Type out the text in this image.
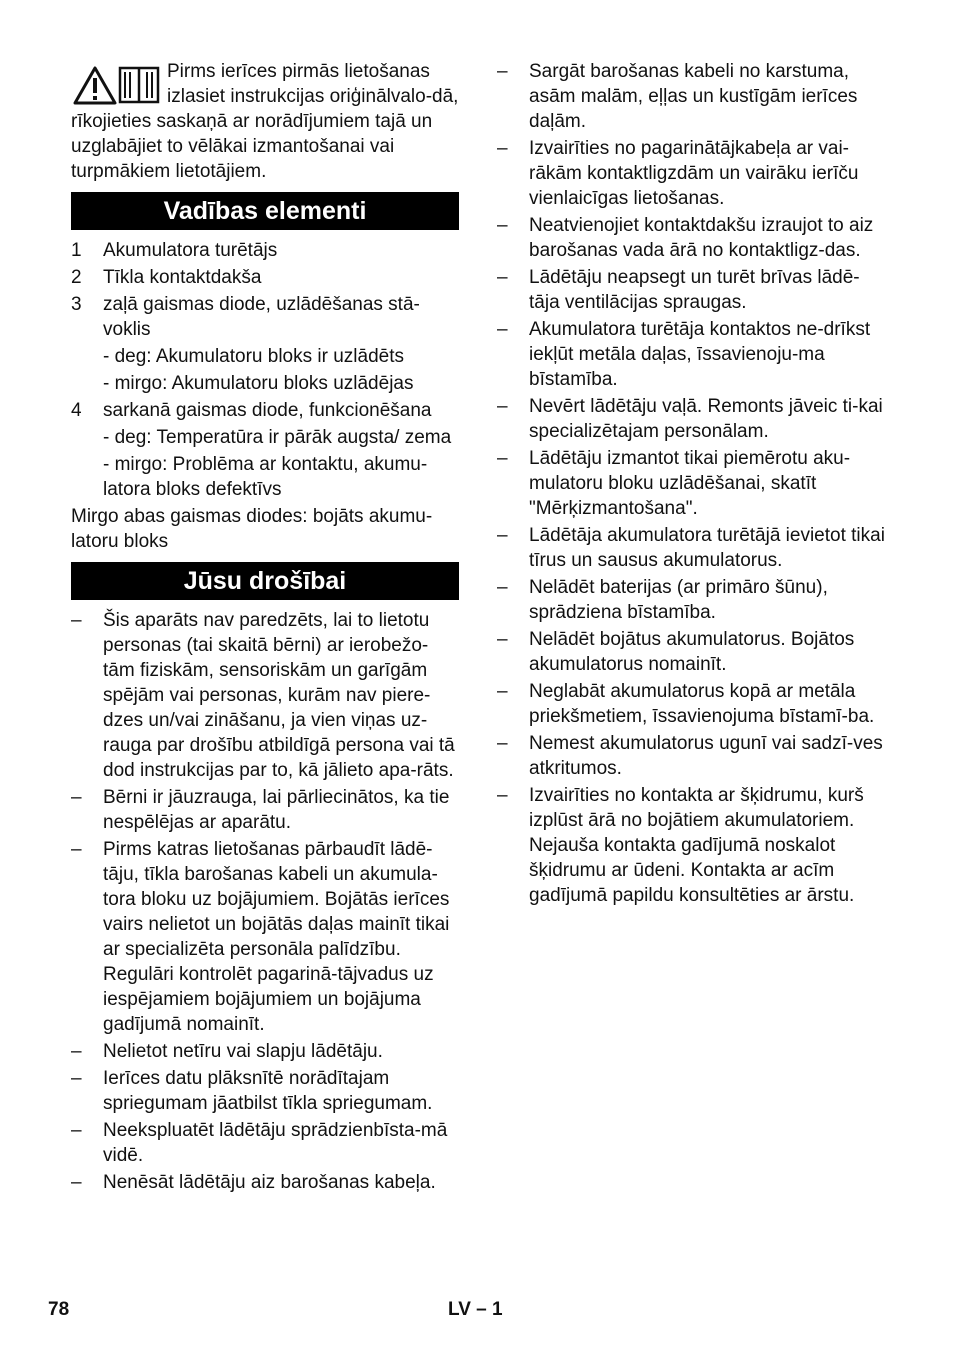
Pirms ierīces pirmās lietošanas izlasiet instrukcijas oriģinālvalo-dā, rīkojieties saskaņā ar norādījumiem tajā un uzglabājiet to vēlākai izmantošanai vai turpmākiem lietotājiem.
Vadības elementi
1	Akumulatora turētājs
2	Tīkla kontaktdakša
3	zaļā gaismas diode, uzlādēšanas stā-voklis
- deg: Akumulatoru bloks ir uzlādēts
- mirgo: Akumulatoru bloks uzlādējas
4	sarkanā gaismas diode, funkcionēšana
- deg: Temperatūra ir pārāk augsta/ zema
- mirgo: Problēma ar kontaktu, akumu-latora bloks defektīvs
Mirgo abas gaismas diodes: bojāts akumu-latoru bloks
Jūsu drošībai
–	Šis aparāts nav paredzēts, lai to lietotu personas (tai skaitā bērni) ar ierobežo-tām fiziskām, sensoriskām un garīgām spējām vai personas, kurām nav piere-dzes un/vai zināšanu, ja vien viņas uz-rauga par drošību atbildīgā persona vai tā dod instrukcijas par to, kā jālieto apa-rāts.
–	Bērni ir jāuzrauga, lai pārliecinātos, ka tie nespēlējas ar aparātu.
–	Pirms katras lietošanas pārbaudīt lādē-tāju, tīkla barošanas kabeli un akumula-tora bloku uz bojājumiem. Bojātās ierīces vairs nelietot un bojātās daļas mainīt tikai ar specializēta personāla palīdzību. Regulāri kontrolēt pagarinā-tājvadus uz iespējamiem bojājumiem un bojājuma gadījumā nomainīt.
–	Nelietot netīru vai slapju lādētāju.
–	Ierīces datu plāksnītē norādītajam spriegumam jāatbilst tīkla spriegumam.
–	Neekspluatēt lādētāju sprādzienbīsta-mā vidē.
–	Nenēsāt lādētāju aiz barošanas kabeļa.
–	Sargāt barošanas kabeli no karstuma, asām malām, eļļas un kustīgām ierīces daļām.
–	Izvairīties no pagarinātājkabeļa ar vai-rākām kontaktligzdām un vairāku ierīču vienlaicīgas lietošanas.
–	Neatvienojiet kontaktdakšu izraujot to aiz barošanas vada ārā no kontaktligz-das.
–	Lādētāju neapsegt un turēt brīvas lādē-tāja ventilācijas spraugas.
–	Akumulatora turētāja kontaktos ne-drīkst iekļūt metāla daļas, īssavienoju-ma bīstamība.
–	Nevērt lādētāju vaļā. Remonts jāveic ti-kai specializētajam personālam.
–	Lādētāju izmantot tikai piemērotu aku-mulatoru bloku uzlādēšanai, skatīt "Mērķizmantošana".
–	Lādētāja akumulatora turētājā ievietot tikai tīrus un sausus akumulatorus.
–	Nelādēt baterijas (ar primāro šūnu), sprādziena bīstamība.
–	Nelādēt bojātus akumulatorus. Bojātos akumulatorus nomainīt.
–	Neglabāt akumulatorus kopā ar metāla priekšmetiem, īssavienojuma bīstamī-ba.
–	Nemest akumulatorus ugunī vai sadzī-ves atkritumos.
–	Izvairīties no kontakta ar šķidrumu, kurš izplūst ārā no bojātiem akumulatoriem. Nejauša kontakta gadījumā noskalot šķidrumu ar ūdeni. Kontakta ar acīm gadījumā papildu konsultēties ar ārstu.
78	LV – 1
